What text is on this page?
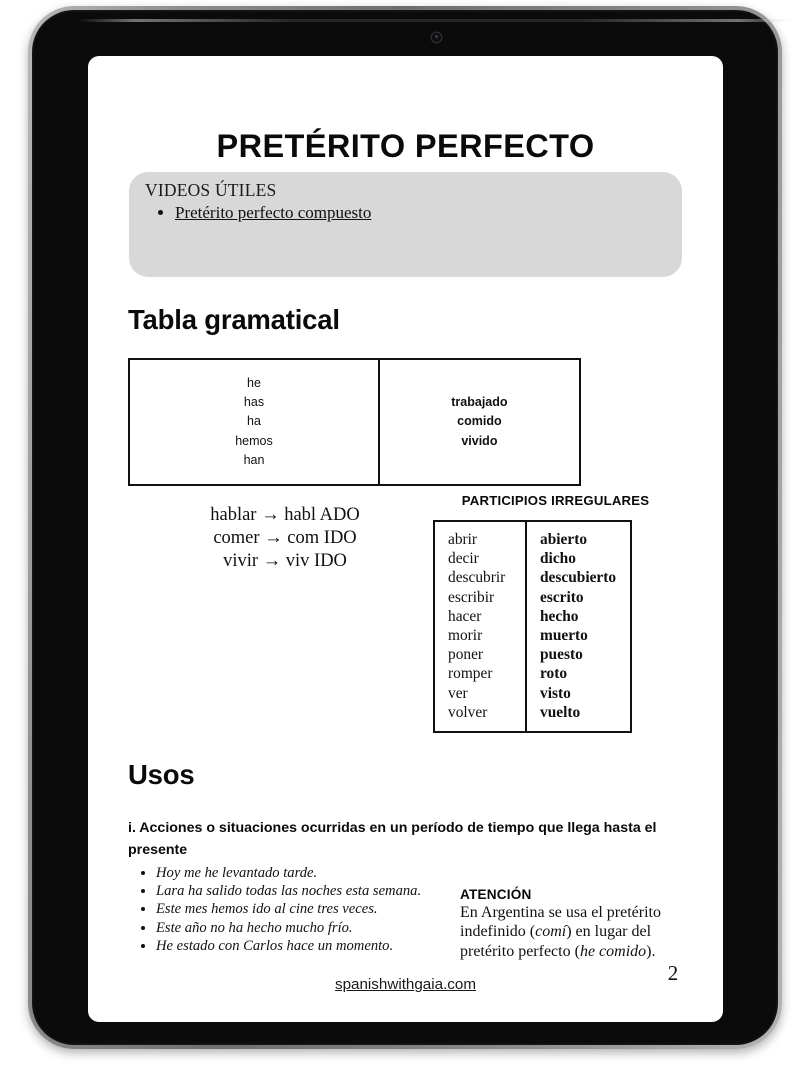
PRETÉRITO PERFECTO
VIDEOS ÚTILES
• Pretérito perfecto compuesto
Tabla gramatical
he
has
ha
hemos
han
trabajado
comido
vivido
hablar → habl ADO
comer → com IDO
vivir → viv IDO
PARTICIPIOS IRREGULARES
abrir
decir
descubrir
escribir
hacer
morir
poner
romper
ver
volver
abierto
dicho
descubierto
escrito
hecho
muerto
puesto
roto
visto
vuelto
Usos
i. Acciones o situaciones ocurridas en un período de tiempo que llega hasta el presente
• Hoy me he levantado tarde.
• Lara ha salido todas las noches esta semana.
• Este mes hemos ido al cine tres veces.
• Este año no ha hecho mucho frío.
• He estado con Carlos hace un momento.
ATENCIÓN
En Argentina se usa el pretérito indefinido (comí) en lugar del pretérito perfecto (he comido).
2
spanishwithgaia.com
